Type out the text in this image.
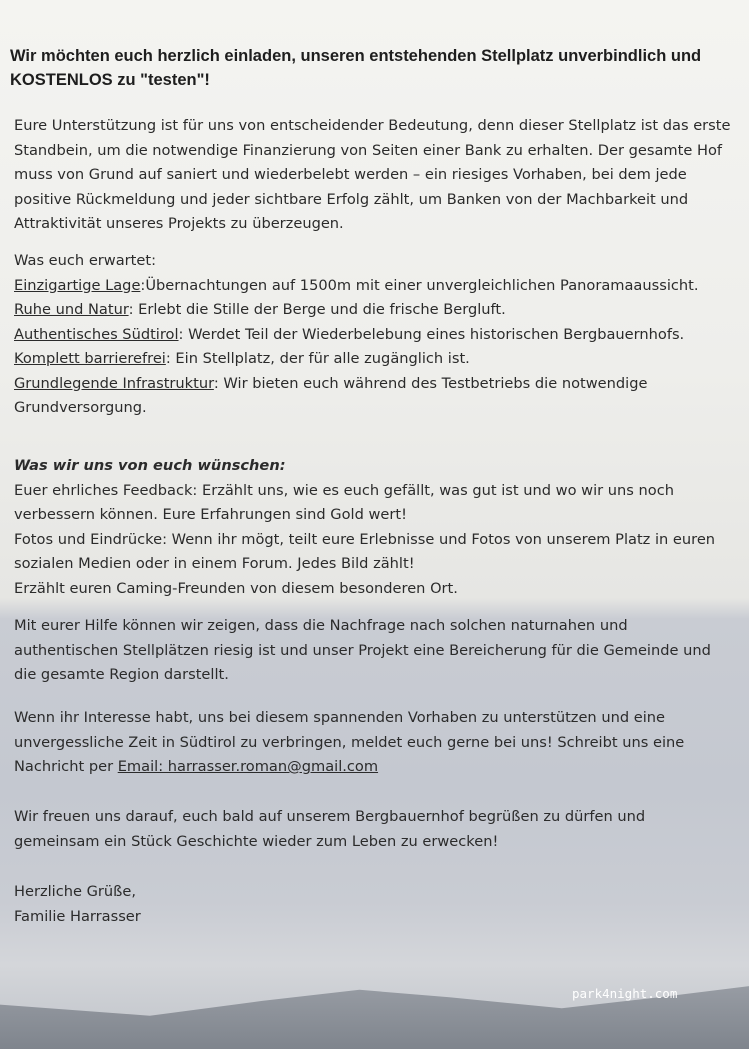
Wir möchten euch herzlich einladen, unseren entstehenden Stellplatz unverbindlich und
KOSTENLOS zu "testen"!

Eure Unterstützung ist für uns von entscheidender Bedeutung, denn dieser Stellplatz ist das erste
Standbein, um die notwendige Finanzierung von Seiten einer Bank zu erhalten. Der gesamte Hof
muss von Grund auf saniert und wiederbelebt werden – ein riesiges Vorhaben, bei dem jede
positive Rückmeldung und jeder sichtbare Erfolg zählt, um Banken von der Machbarkeit und
Attraktivität unseres Projekts zu überzeugen.

Was euch erwartet:
Einzigartige Lage:Übernachtungen auf 1500m mit einer unvergleichlichen Panoramaaussicht.
Ruhe und Natur: Erlebt die Stille der Berge und die frische Bergluft.
Authentisches Südtirol: Werdet Teil der Wiederbelebung eines historischen Bergbauernhofs.
Komplett barrierefrei: Ein Stellplatz, der für alle zugänglich ist.
Grundlegende Infrastruktur: Wir bieten euch während des Testbetriebs die notwendige
Grundversorgung.
Was wir uns von euch wünschen:
Euer ehrliches Feedback: Erzählt uns, wie es euch gefällt, was gut ist und wo wir uns noch
verbessern können. Eure Erfahrungen sind Gold wert!
Fotos und Eindrücke: Wenn ihr mögt, teilt eure Erlebnisse und Fotos von unserem Platz in euren
sozialen Medien oder in einem Forum. Jedes Bild zählt!
Erzählt euren Caming-Freunden von diesem besonderen Ort.

Mit eurer Hilfe können wir zeigen, dass die Nachfrage nach solchen naturnahen und
authentischen Stellplätzen riesig ist und unser Projekt eine Bereicherung für die Gemeinde und
die gesamte Region darstellt.

Wenn ihr Interesse habt, uns bei diesem spannenden Vorhaben zu unterstützen und eine
unvergessliche Zeit in Südtirol zu verbringen, meldet euch gerne bei uns! Schreibt uns eine
Nachricht per Email: harrasser.roman@gmail.com

Wir freuen uns darauf, euch bald auf unserem Bergbauernhof begrüßen zu dürfen und
gemeinsam ein Stück Geschichte wieder zum Leben zu erwecken!

Herzliche Grüße,
Familie Harrasser

park4night.com
